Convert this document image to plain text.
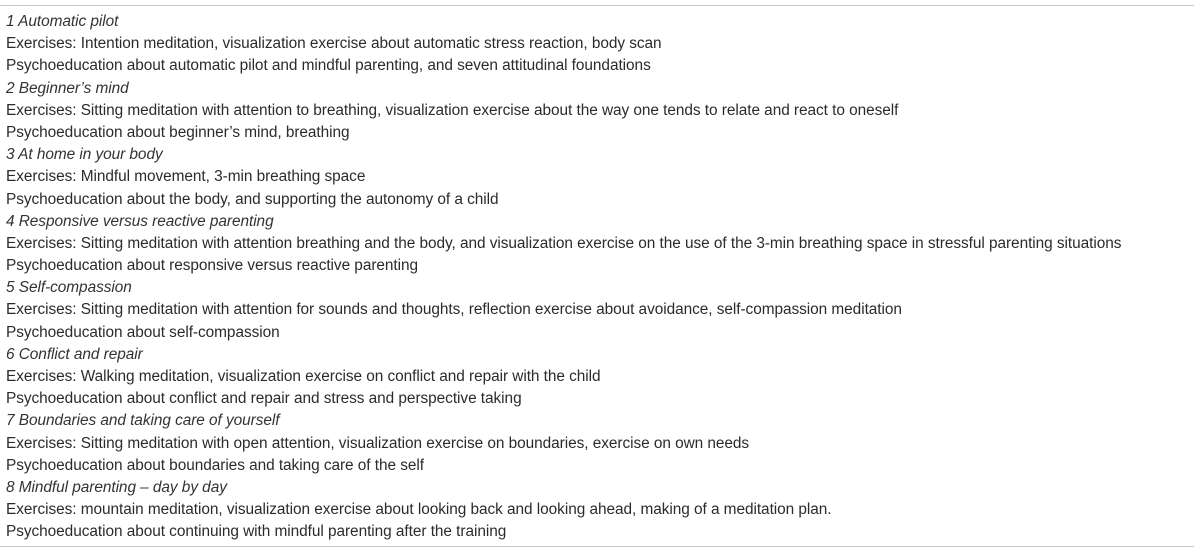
1 Automatic pilot
Exercises: Intention meditation, visualization exercise about automatic stress reaction, body scan
Psychoeducation about automatic pilot and mindful parenting, and seven attitudinal foundations
2 Beginner’s mind
Exercises: Sitting meditation with attention to breathing, visualization exercise about the way one tends to relate and react to oneself
Psychoeducation about beginner’s mind, breathing
3 At home in your body
Exercises: Mindful movement, 3-min breathing space
Psychoeducation about the body, and supporting the autonomy of a child
4 Responsive versus reactive parenting
Exercises: Sitting meditation with attention breathing and the body, and visualization exercise on the use of the 3-min breathing space in stressful parenting situations
Psychoeducation about responsive versus reactive parenting
5 Self-compassion
Exercises: Sitting meditation with attention for sounds and thoughts, reflection exercise about avoidance, self-compassion meditation
Psychoeducation about self-compassion
6 Conflict and repair
Exercises: Walking meditation, visualization exercise on conflict and repair with the child
Psychoeducation about conflict and repair and stress and perspective taking
7 Boundaries and taking care of yourself
Exercises: Sitting meditation with open attention, visualization exercise on boundaries, exercise on own needs
Psychoeducation about boundaries and taking care of the self
8 Mindful parenting – day by day
Exercises: mountain meditation, visualization exercise about looking back and looking ahead, making of a meditation plan.
Psychoeducation about continuing with mindful parenting after the training
